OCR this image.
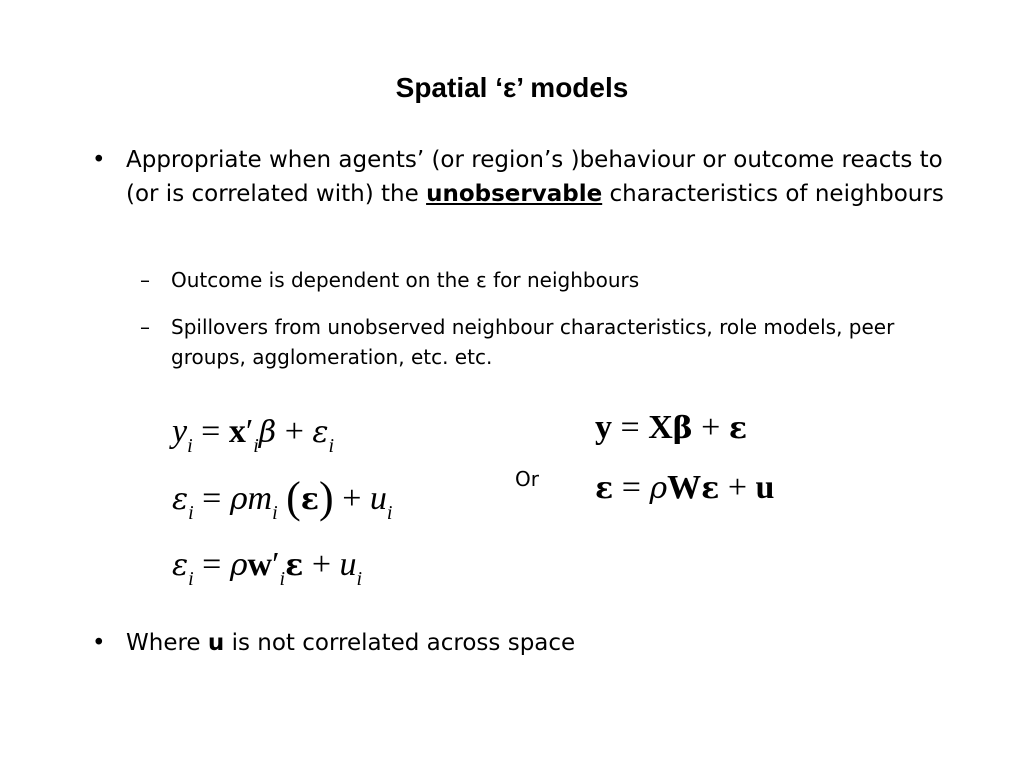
Spatial ‘ε’ models
• Appropriate when agents’ (or region’s )behaviour or outcome reacts to (or is correlated with) the unobservable characteristics of neighbours
– Outcome is dependent on the ε for neighbours
– Spillovers from unobserved neighbour characteristics, role models, peer groups, agglomeration, etc. etc.
$y_i = x'_i\beta + \varepsilon_i$
$\varepsilon_i = \rho m_i$ $(\varepsilon) + u_i$
$\varepsilon_i = \rho w'_i\varepsilon + u_i$
Or
y = Xβ + ε
ε = ρWε + u
• Where u is not correlated across space
